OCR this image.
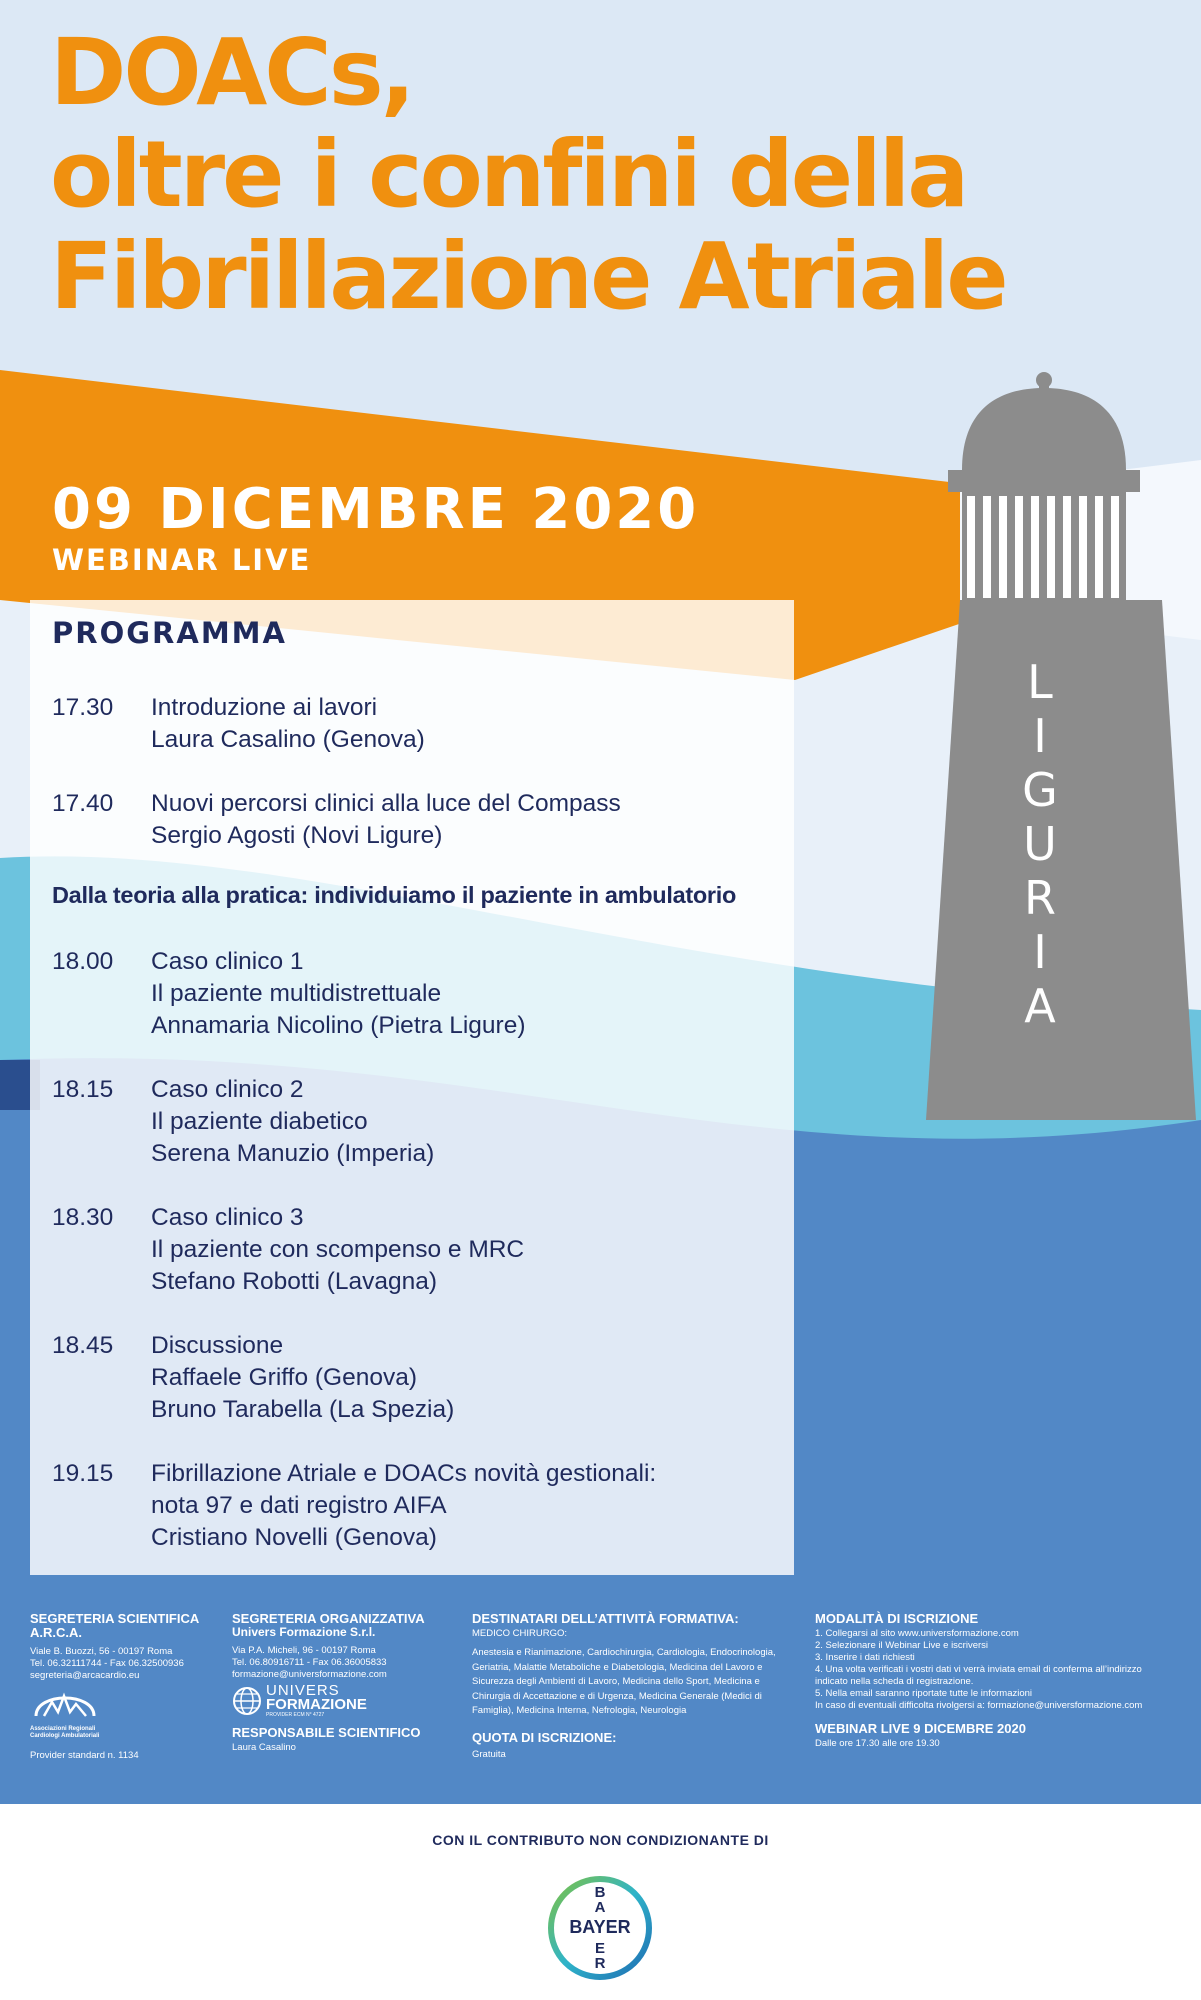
DOACs,
oltre i confini della
Fibrillazione Atriale
09 DICEMBRE 2020
WEBINAR LIVE
L
I
G
U
R
I
A
PROGRAMMA
17.30 Introduzione ai lavori
Laura Casalino (Genova)
17.40 Nuovi percorsi clinici alla luce del Compass
Sergio Agosti (Novi Ligure)
Dalla teoria alla pratica: individuiamo il paziente in ambulatorio
18.00 Caso clinico 1
Il paziente multidistrettuale
Annamaria Nicolino (Pietra Ligure)
18.15 Caso clinico 2
Il paziente diabetico
Serena Manuzio (Imperia)
18.30 Caso clinico 3
Il paziente con scompenso e MRC
Stefano Robotti (Lavagna)
18.45 Discussione
Raffaele Griffo (Genova)
Bruno Tarabella (La Spezia)
19.15 Fibrillazione Atriale e DOACs novità gestionali:
nota 97 e dati registro AIFA
Cristiano Novelli (Genova)
SEGRETERIA SCIENTIFICA
A.R.C.A.
Viale B. Buozzi, 56 - 00197 Roma
Tel. 06.32111744 - Fax 06.32500936
segreteria@arcacardio.eu
Associazioni Regionali Cardiologi Ambulatoriali
Provider standard n. 1134
SEGRETERIA ORGANIZZATIVA
Univers Formazione S.r.l.
Via P.A. Micheli, 96 - 00197 Roma
Tel. 06.80916711 - Fax 06.36005833
formazione@universformazione.com
UNIVERS
FORMAZIONE
PROVIDER ECM N° 4727
RESPONSABILE SCIENTIFICO
Laura Casalino
DESTINATARI DELL’ATTIVITÀ FORMATIVA:
MEDICO CHIRURGO:
Anestesia e Rianimazione, Cardiochirurgia, Cardiologia, Endocrinologia,
Geriatria, Malattie Metaboliche e Diabetologia, Medicina del Lavoro e
Sicurezza degli Ambienti di Lavoro, Medicina dello Sport, Medicina e
Chirurgia di Accettazione e di Urgenza, Medicina Generale (Medici di
Famiglia), Medicina Interna, Nefrologia, Neurologia
QUOTA DI ISCRIZIONE:
Gratuita
MODALITÀ DI ISCRIZIONE
1. Collegarsi al sito www.universformazione.com
2. Selezionare il Webinar Live e iscriversi
3. Inserire i dati richiesti
4. Una volta verificati i vostri dati vi verrà inviata email di conferma all’indirizzo
indicato nella scheda di registrazione.
5. Nella email saranno riportate tutte le informazioni
In caso di eventuali difficolta rivolgersi a: formazione@universformazione.com
WEBINAR LIVE 9 DICEMBRE 2020
Dalle ore 17.30 alle ore 19.30
CON IL CONTRIBUTO NON CONDIZIONANTE DI
BAYER
B
A
E
R
